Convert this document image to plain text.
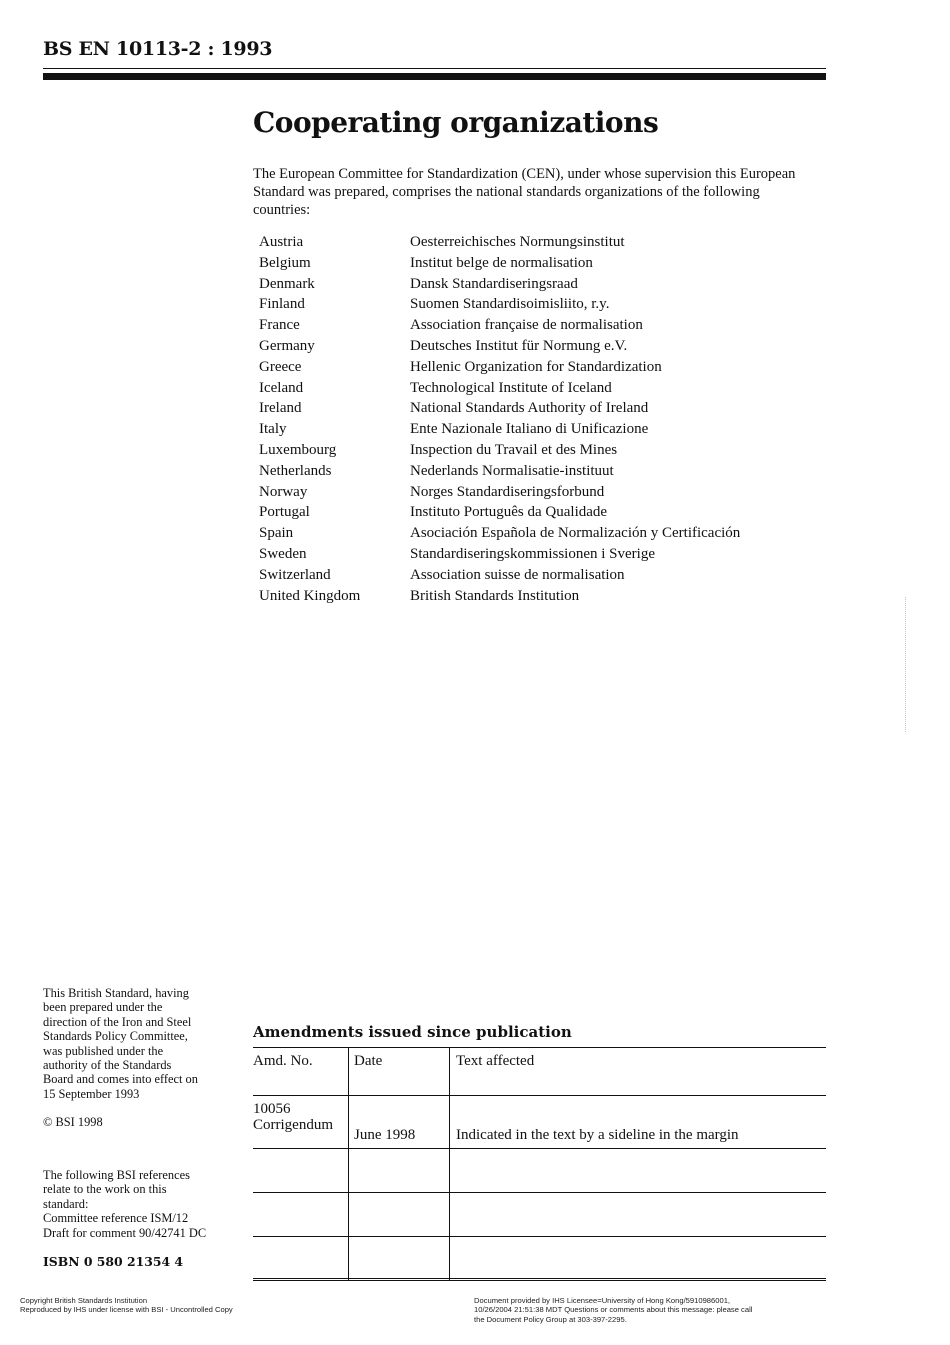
BS EN 10113-2 : 1993
Cooperating organizations
The European Committee for Standardization (CEN), under whose supervision this European Standard was prepared, comprises the national standards organizations of the following countries:
Austria	Oesterreichisches Normungsinstitut
Belgium	Institut belge de normalisation
Denmark	Dansk Standardiseringsraad
Finland	Suomen Standardisoimisliito, r.y.
France	Association française de normalisation
Germany	Deutsches Institut für Normung e.V.
Greece	Hellenic Organization for Standardization
Iceland	Technological Institute of Iceland
Ireland	National Standards Authority of Ireland
Italy	Ente Nazionale Italiano di Unificazione
Luxembourg	Inspection du Travail et des Mines
Netherlands	Nederlands Normalisatie-instituut
Norway	Norges Standardiseringsforbund
Portugal	Instituto Português da Qualidade
Spain	Asociación Española de Normalización y Certificación
Sweden	Standardiseringskommissionen i Sverige
Switzerland	Association suisse de normalisation
United Kingdom	British Standards Institution
This British Standard, having
been prepared under the
direction of the Iron and Steel
Standards Policy Committee,
was published under the
authority of the Standards
Board and comes into effect on
15 September 1993
© BSI 1998
The following BSI references
relate to the work on this
standard:
Committee reference ISM/12
Draft for comment 90/42741 DC
ISBN 0 580 21354 4
Amendments issued since publication
Amd. No.	Date	Text affected

10056
Corrigendum	June 1998	Indicated in the text by a sideline in the margin

Copyright British Standards Institution
Reproduced by IHS under license with BSI - Uncontrolled Copy
Document provided by IHS Licensee=University of Hong Kong/5910986001,
10/26/2004 21:51:38 MDT Questions or comments about this message: please call
the Document Policy Group at 303-397-2295.
